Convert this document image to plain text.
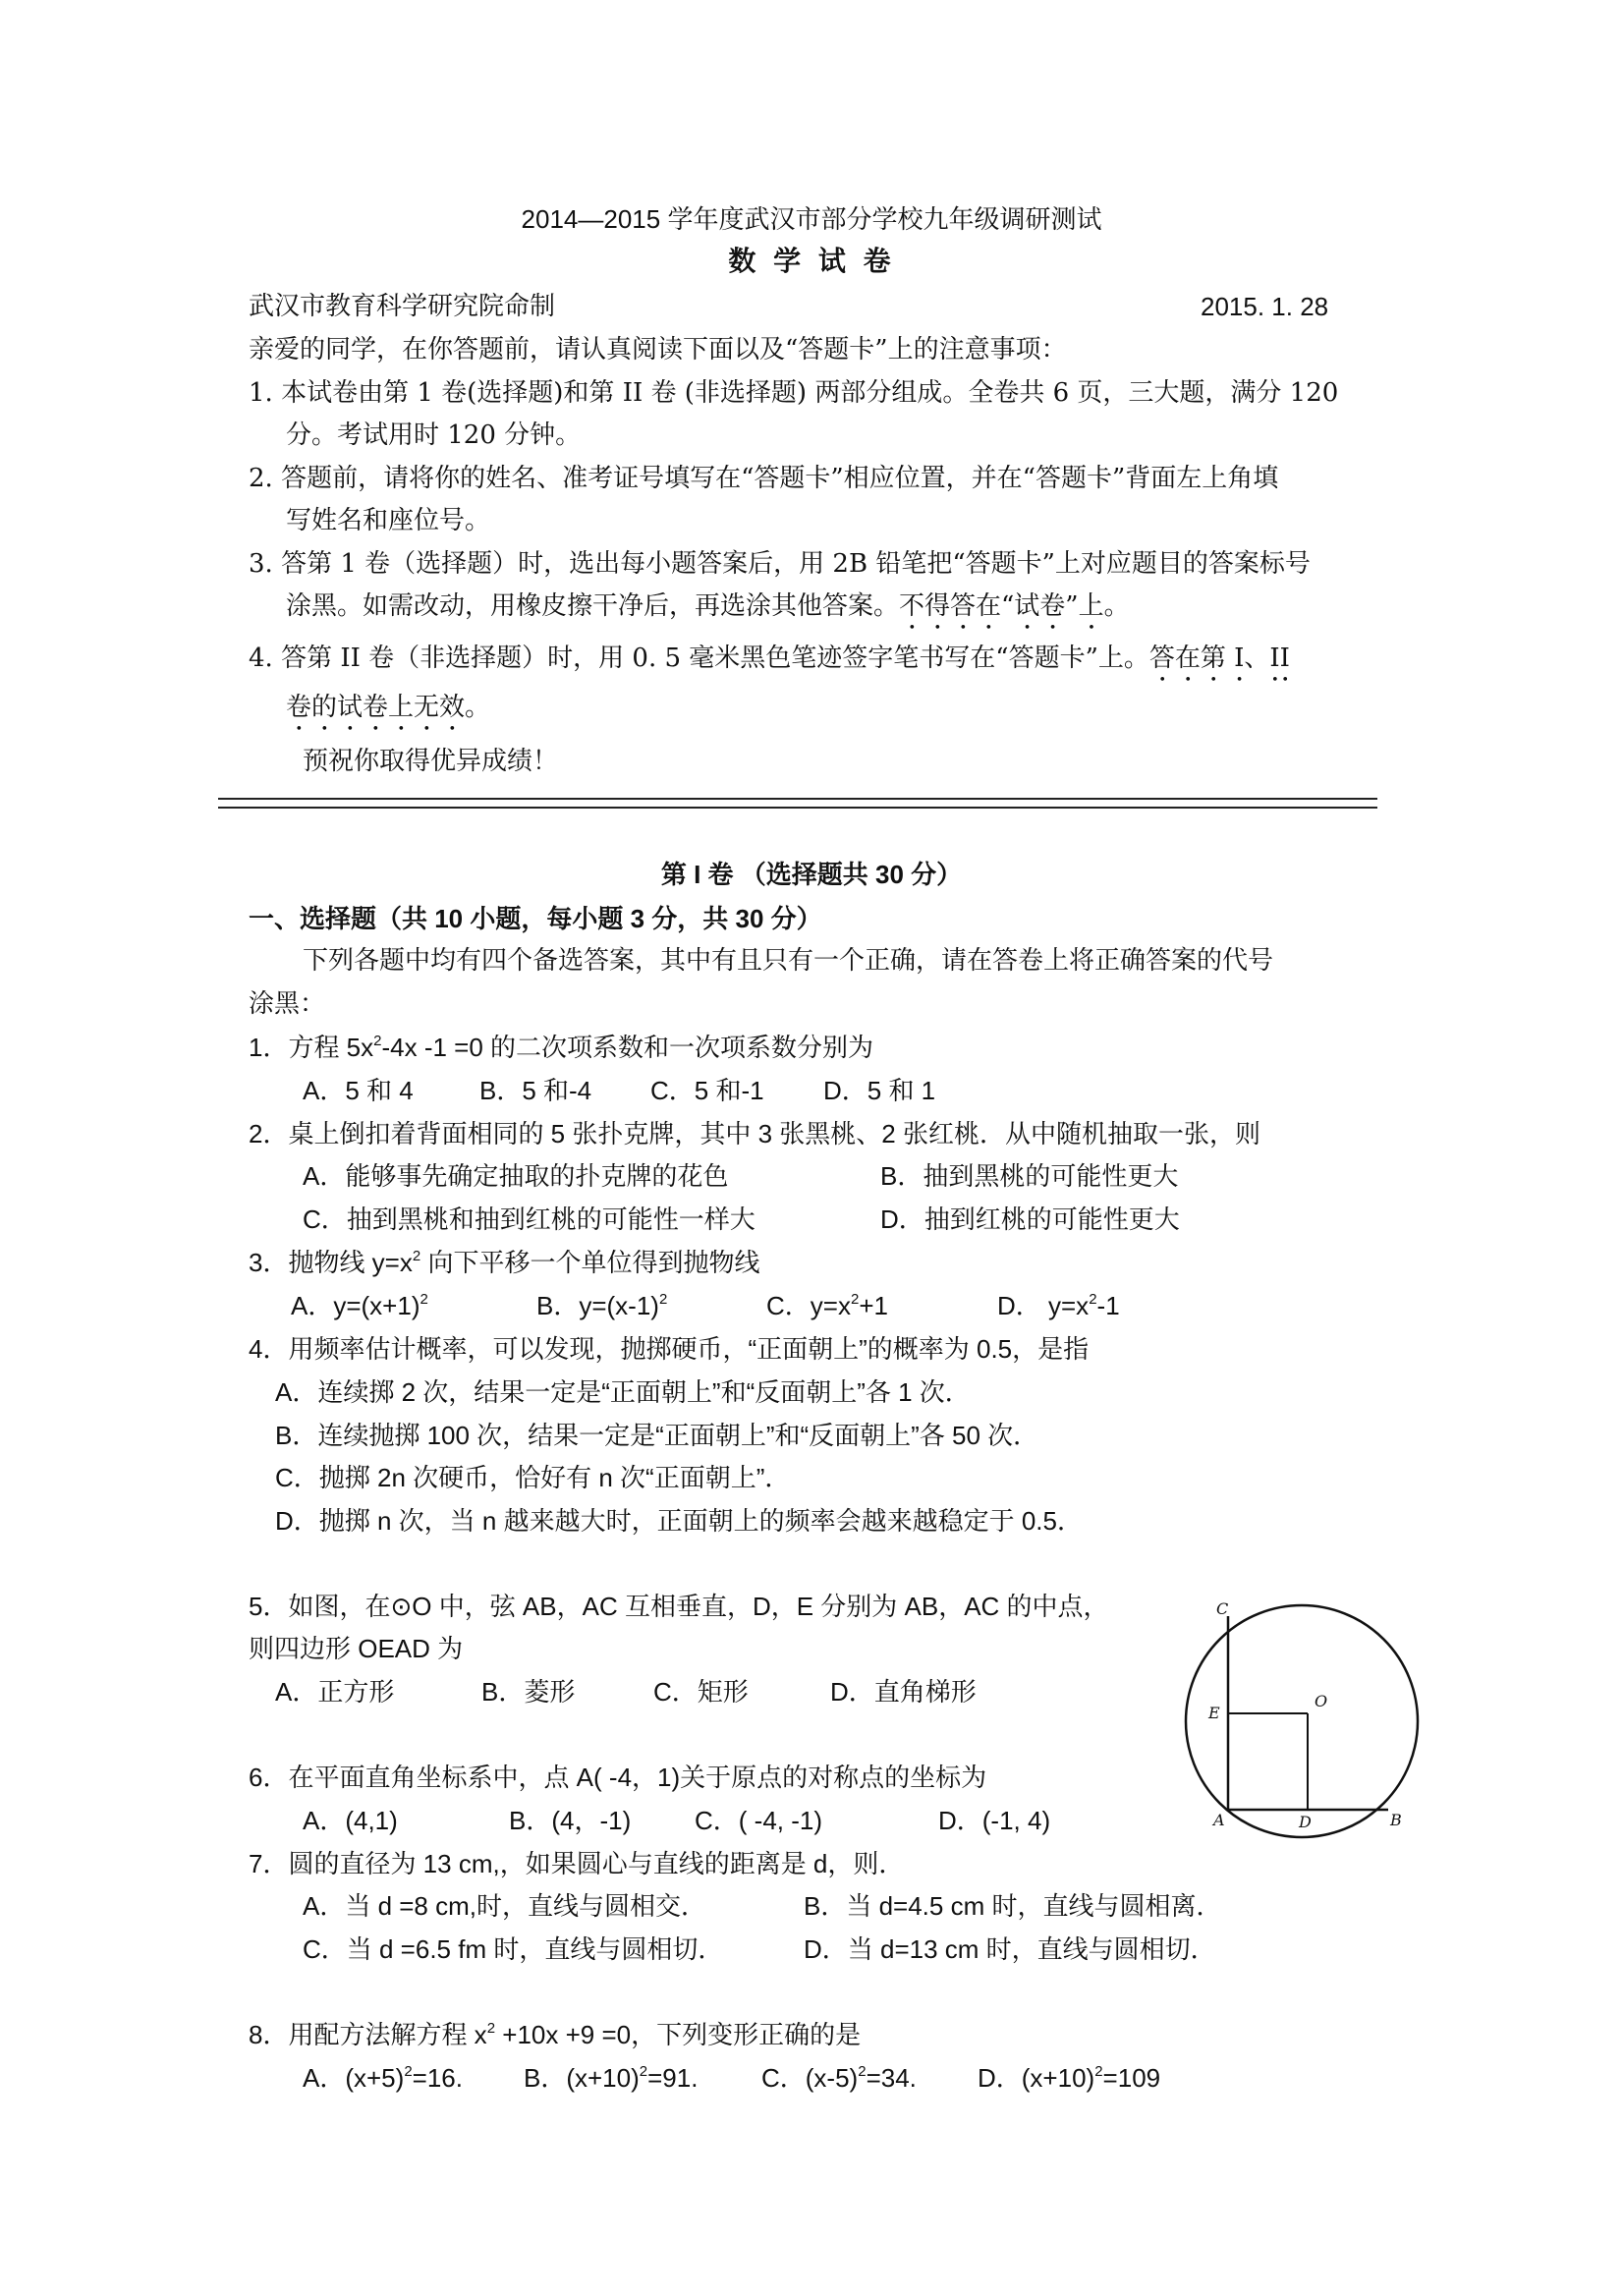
2014—2015 学年度武汉市部分学校九年级调研测试
数 学 试 卷
武汉市教育科学研究院命制	2015. 1. 28
亲爱的同学，在你答题前，请认真阅读下面以及“答题卡”上的注意事项：
1. 本试卷由第 1 卷(选择题)和第 II 卷 (非选择题) 两部分组成。全卷共 6 页，三大题，满分 120
分。考试用时 120 分钟。
2. 答题前，请将你的姓名、准考证号填写在“答题卡”相应位置，并在“答题卡”背面左上角填
写姓名和座位号。
3. 答第 1 卷（选择题）时，选出每小题答案后，用 2B 铅笔把“答题卡”上对应题目的答案标号
涂黑。如需改动，用橡皮擦干净后，再选涂其他答案。不得答在“试卷”上。
4. 答第 II 卷（非选择题）时，用 0. 5 毫米黑色笔迹签字笔书写在“答题卡”上。答在第 I、II
卷的试卷上无效。
预祝你取得优异成绩！
第 I 卷 （选择题共 30 分）
一、选择题（共 10 小题，每小题 3 分，共 30 分）
下列各题中均有四个备选答案，其中有且只有一个正确，请在答卷上将正确答案的代号
涂黑：
1．方程 $5x^2-4x$ -1 =0 的二次项系数和一次项系数分别为
A．5 和 4	B．5 和-4 C．5 和-1 D．5 和 1
2．桌上倒扣着背面相同的 5 张扑克牌，其中 3 张黑桃、2 张红桃．从中随机抽取一张，则
A．能够事先确定抽取的扑克牌的花色	B．抽到黑桃的可能性更大
C．抽到黑桃和抽到红桃的可能性一样大	D．抽到红桃的可能性更大
3．抛物线 $y=x^2$ 向下平移一个单位得到抛物线
A．$y=(x+1)^2$	B．$y=(x-1)^2$	C．$y=x^2+1$	D． $y=x^2-1$
4．用频率估计概率，可以发现，抛掷硬币，“正面朝上”的概率为 0.5，是指
A．连续掷 2 次，结果一定是“正面朝上”和“反面朝上”各 1 次．
B．连续抛掷 100 次，结果一定是“正面朝上”和“反面朝上”各 50 次．
C．抛掷 2n 次硬币，恰好有 n 次“正面朝上”．
D．抛掷 n 次，当 n 越来越大时，正面朝上的频率会越来越稳定于 0.5．
5．如图，在⊙O 中，弦 AB，AC 互相垂直，D，E 分别为 AB，AC 的中点，
则四边形 OEAD 为
A．正方形	B．菱形	C．矩形	D．直角梯形
C
E
O
A	D	B
6．在平面直角坐标系中，点 A( -4，1)关于原点的对称点的坐标为
A．(4,1)	B．(4，-1) C．( -4, -1)	D．(-1, 4)
7．圆的直径为 13 cm,，如果圆心与直线的距离是 d，则．
A．当 d =8 cm,时，直线与圆相交．	B．当 d=4.5 cm 时，直线与圆相离．
C．当 d =6.5 fm 时，直线与圆相切．	D．当 d=13 cm 时，直线与圆相切．
8．用配方法解方程 $x^2 +10x +9 =0$，下列变形正确的是
A．$(x+5)^2=16$. B．$(x+10)^2=91$. C．$(x-5)^2=34$. D．$(x+10)^2=109$
